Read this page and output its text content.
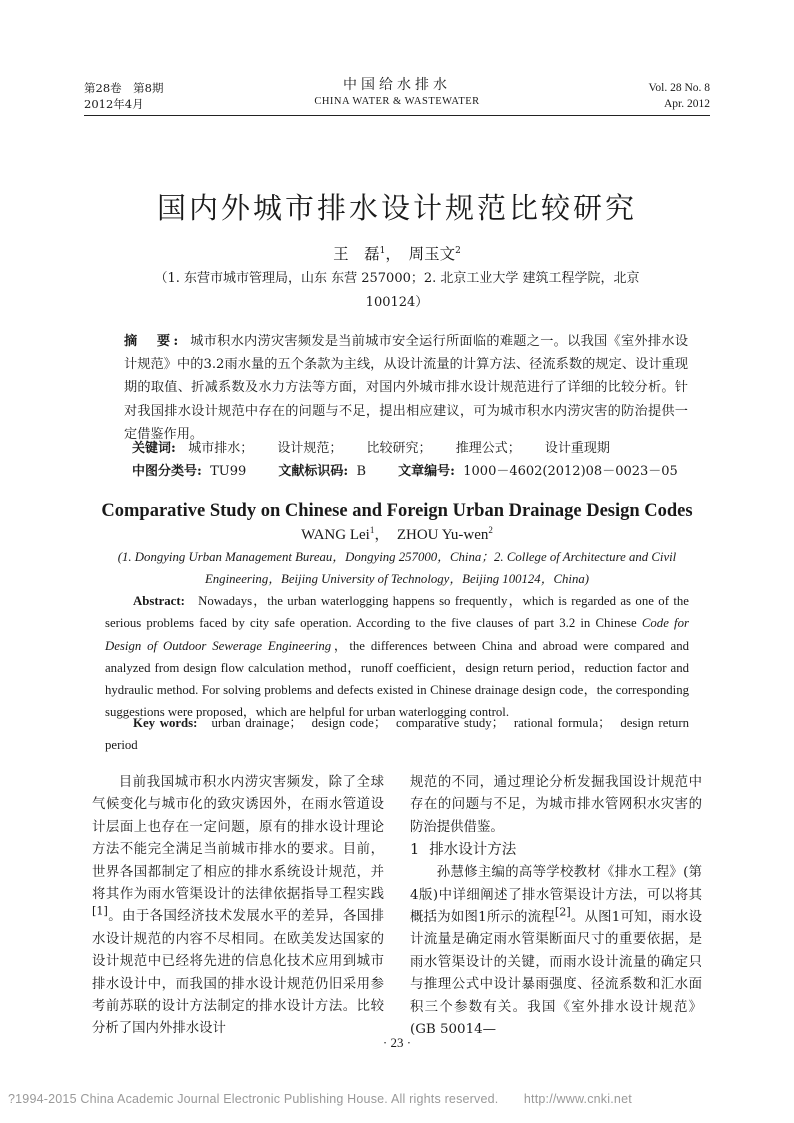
第28卷　第8期
2012年4月
中国给水排水
CHINA WATER & WASTEWATER
Vol. 28 No. 8
Apr. 2012
国内外城市排水设计规范比较研究
王　磊$^1$，　周玉文$^2$
（1. 东营市城市管理局，山东 东营 257000；2. 北京工业大学 建筑工程学院，北京 100124）
摘　要: 城市积水内涝灾害频发是当前城市安全运行所面临的难题之一。以我国《室外排水设计规范》中的3.2雨水量的五个条款为主线，从设计流量的计算方法、径流系数的规定、设计重现期的取值、折减系数及水力方法等方面，对国内外城市排水设计规范进行了详细的比较分析。针对我国排水设计规范中存在的问题与不足，提出相应建议，可为城市积水内涝灾害的防治提供一定借鉴作用。
关键词: 城市排水； 设计规范； 比较研究； 推理公式； 设计重现期
中图分类号: TU99 文献标识码: B 文章编号: 1000－4602(2012)08－0023－05
Comparative Study on Chinese and Foreign Urban Drainage Design Codes
WANG Lei$^1$，　ZHOU Yu-wen$^2$
(1. Dongying Urban Management Bureau，Dongying 257000，China；2. College of Architecture and Civil Engineering，Beijing University of Technology，Beijing 100124，China)
Abstract: Nowadays，the urban waterlogging happens so frequently，which is regarded as one of the serious problems faced by city safe operation. According to the five clauses of part 3.2 in Chinese Code for Design of Outdoor Sewerage Engineering，the differences between China and abroad were compared and analyzed from design flow calculation method，runoff coefficient，design return period，reduction factor and hydraulic method. For solving problems and defects existed in Chinese drainage design code，the corresponding suggestions were proposed，which are helpful for urban waterlogging control.
Key words: urban drainage；　design code；　comparative study；　rational formula；　design return period

目前我国城市积水内涝灾害频发，除了全球气候变化与城市化的致灾诱因外，在雨水管道设计层面上也存在一定问题，原有的排水设计理论方法不能完全满足当前城市排水的要求。目前，世界各国都制定了相应的排水系统设计规范，并将其作为雨水管渠设计的法律依据指导工程实践[1]。由于各国经济技术发展水平的差异，各国排水设计规范的内容不尽相同。在欧美发达国家的设计规范中已经将先进的信息化技术应用到城市排水设计中，而我国的排水设计规范仍旧采用参考前苏联的设计方法制定的排水设计方法。比较分析了国内外排水设计

规范的不同，通过理论分析发掘我国设计规范中存在的问题与不足，为城市排水管网积水灾害的防治提供借鉴。

1 排水设计方法

孙慧修主编的高等学校教材《排水工程》(第4版)中详细阐述了排水管渠设计方法，可以将其概括为如图1所示的流程[2]。从图1可知，雨水设计流量是确定雨水管渠断面尺寸的重要依据，是雨水管渠设计的关键，而雨水设计流量的确定只与推理公式中设计暴雨强度、径流系数和汇水面积三个参数有关。我国《室外排水设计规范》(GB 50014—

· 23 ·
?1994-2015 China Academic Journal Electronic Publishing House. All rights reserved.　　http://www.cnki.net
